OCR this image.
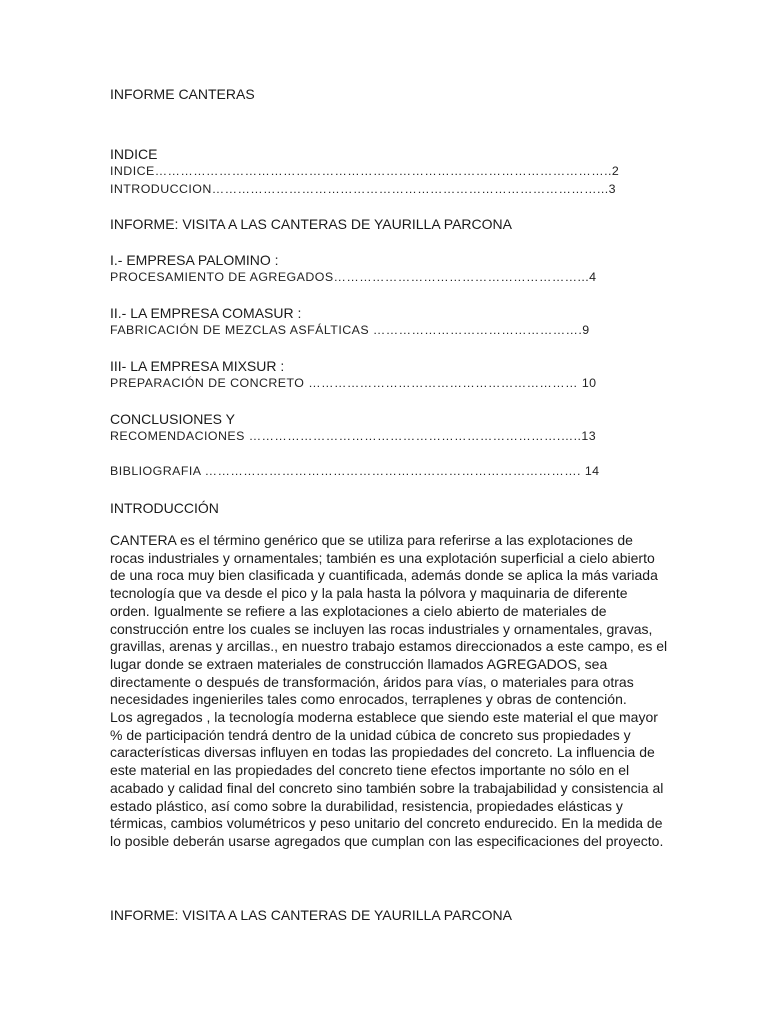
INFORME CANTERAS
INDICE
INDICE……………………………………………………………………………………………..2
INTRODUCCION………………………………………………………………………………...3
INFORME: VISITA A LAS CANTERAS DE YAURILLA PARCONA
I.- EMPRESA PALOMINO :
PROCESAMIENTO DE AGREGADOS…………………………………………………...4
II.- LA EMPRESA COMASUR :
FABRICACIÓN DE MEZCLAS ASFÁLTICAS ………………………………………….9
III- LA EMPRESA MIXSUR :
PREPARACIÓN DE CONCRETO ……………………………………………………… 10
CONCLUSIONES Y
RECOMENDACIONES ……………………………………………………………….…..13
BIBLIOGRAFIA ……………………………………………………………………………. 14
INTRODUCCIÓN

CANTERA es el término genérico que se utiliza para referirse a las explotaciones de rocas industriales y ornamentales; también es una explotación superficial a cielo abierto de una roca muy bien clasificada y cuantificada, además donde se aplica la más variada tecnología que va desde el pico y la pala hasta la pólvora y maquinaria de diferente orden. Igualmente se refiere a las explotaciones a cielo abierto de materiales de construcción entre los cuales se incluyen las rocas industriales y ornamentales, gravas, gravillas, arenas y arcillas., en nuestro trabajo estamos direccionados a este campo, es el lugar donde se extraen materiales de construcción llamados AGREGADOS, sea directamente o después de transformación, áridos para vías, o materiales para otras necesidades ingenieriles tales como enrocados, terraplenes y obras de contención.

Los agregados , la tecnología moderna establece que siendo este material el que mayor % de participación tendrá dentro de la unidad cúbica de concreto sus propiedades y características diversas influyen en todas las propiedades del concreto. La influencia de este material en las propiedades del concreto tiene efectos importante no sólo en el acabado y calidad final del concreto sino también sobre la trabajabilidad y consistencia al estado plástico, así como sobre la durabilidad, resistencia, propiedades elásticas y térmicas, cambios volumétricos y peso unitario del concreto endurecido. En la medida de lo posible deberán usarse agregados que cumplan con las especificaciones del proyecto.

INFORME: VISITA A LAS CANTERAS DE YAURILLA PARCONA
